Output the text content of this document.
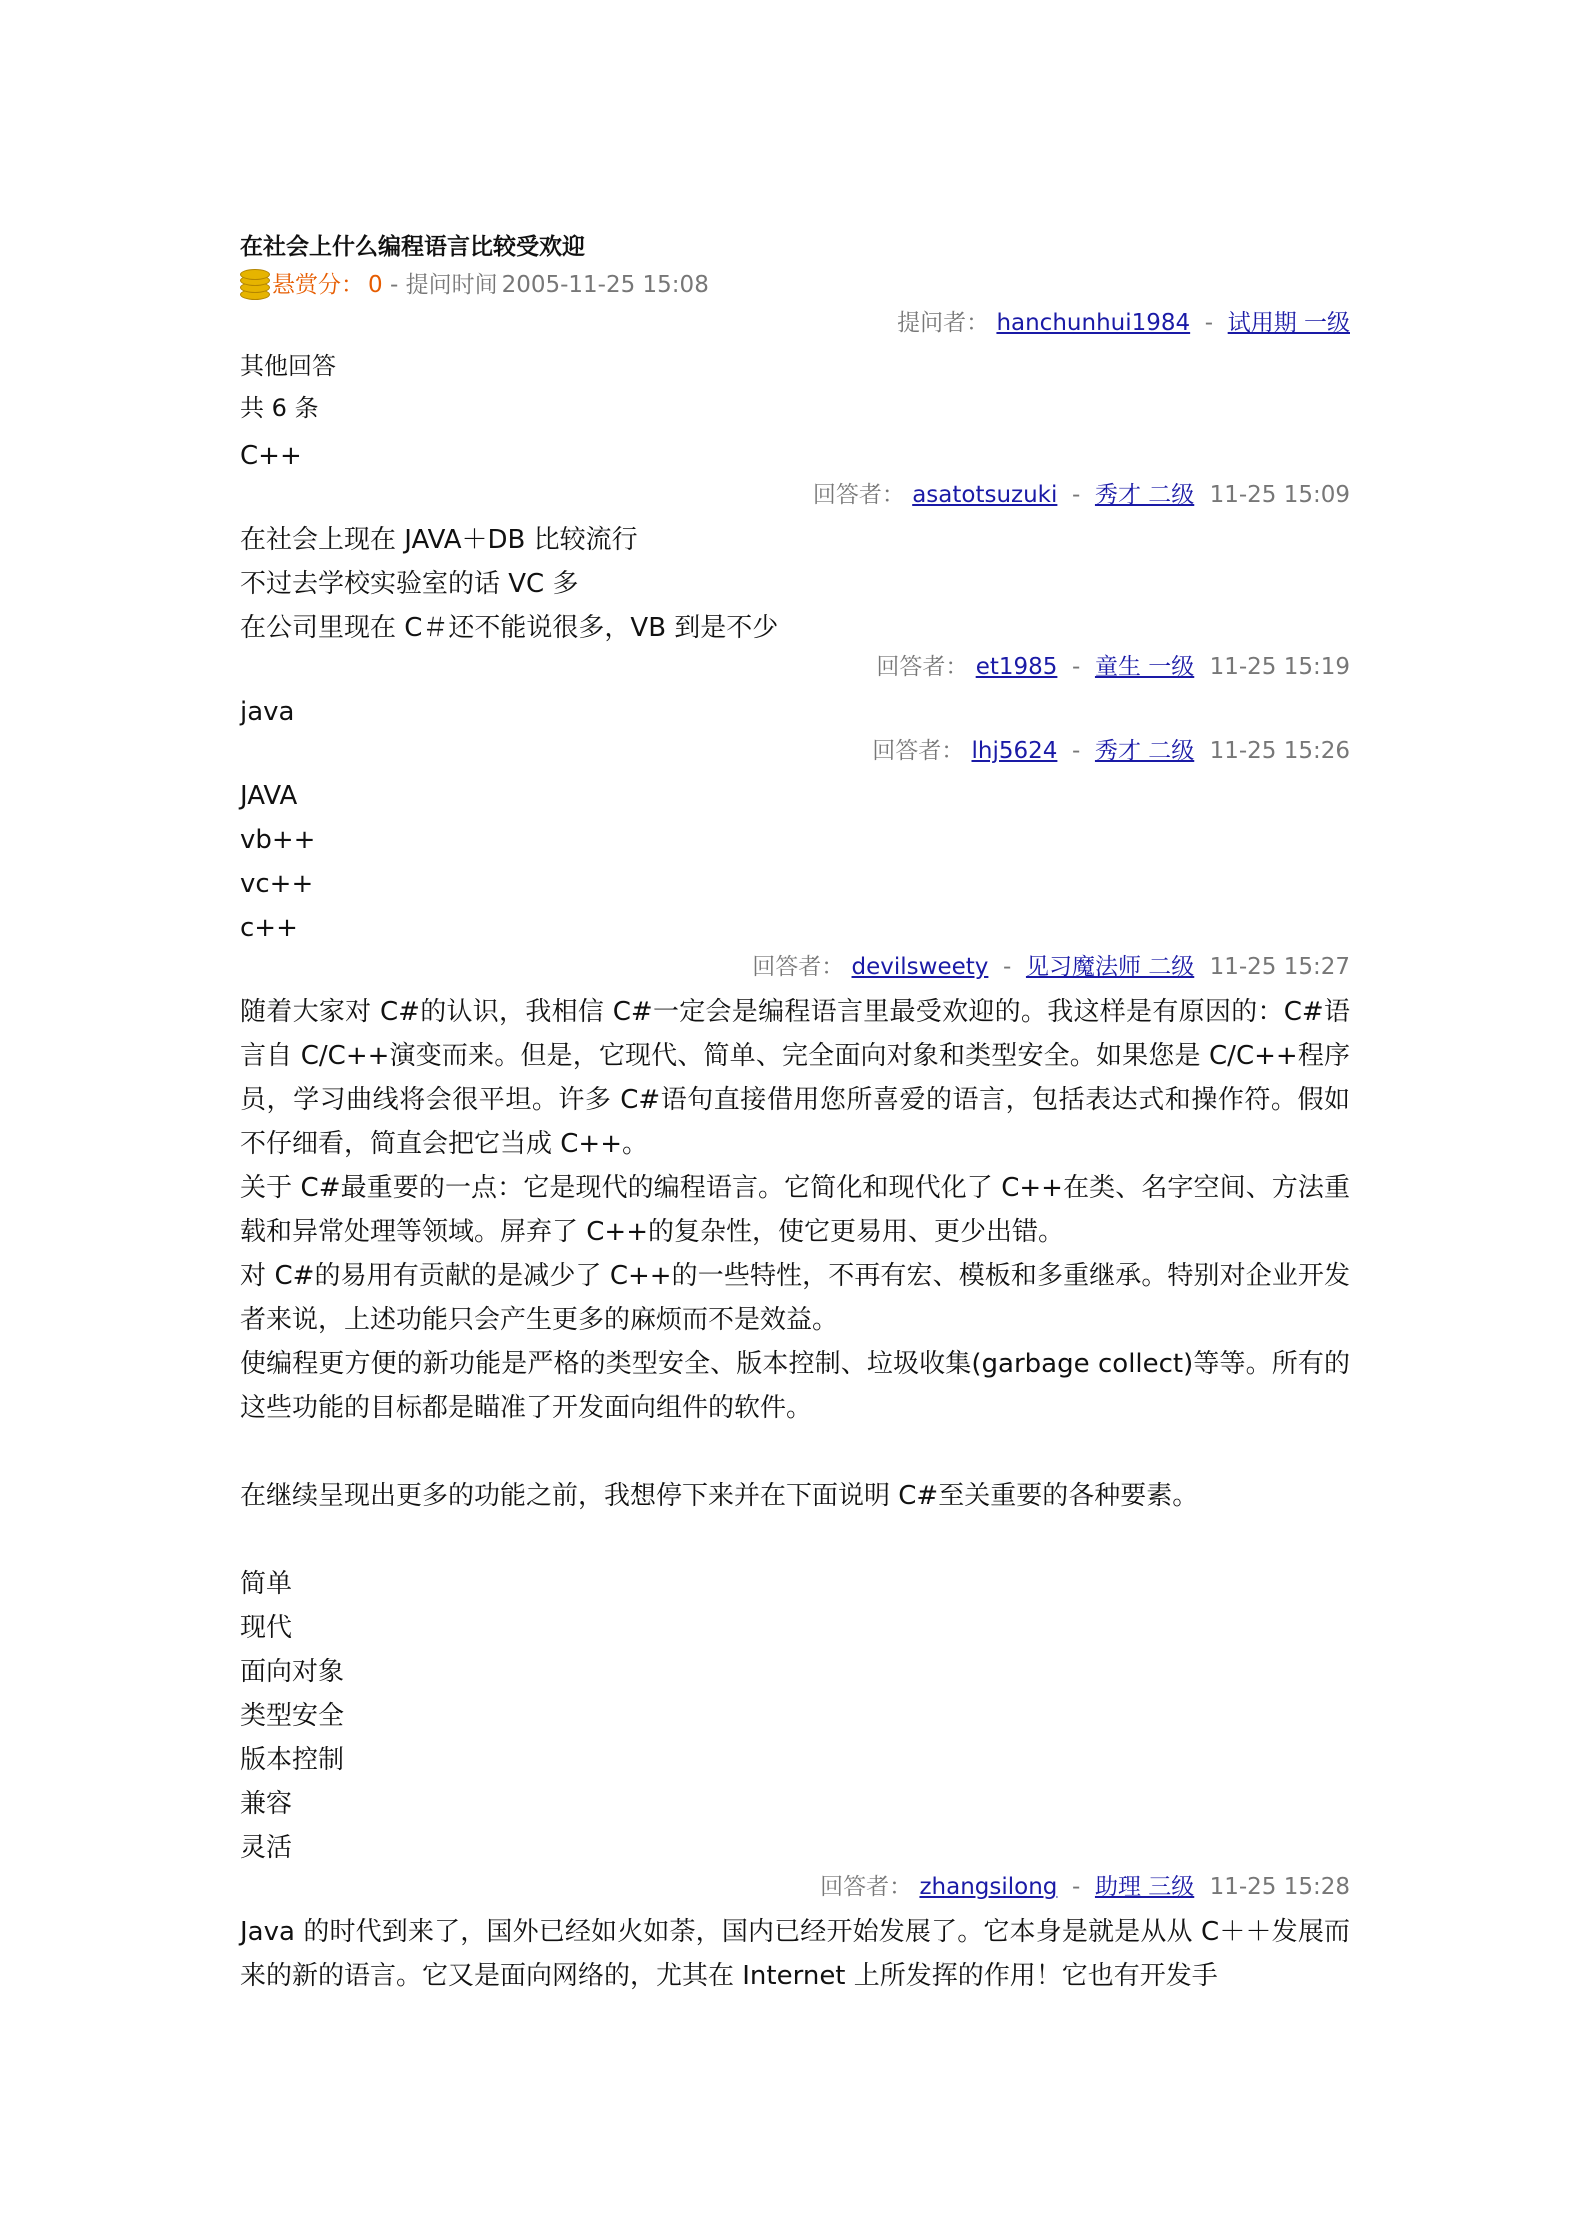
在社会上什么编程语言比较受欢迎
悬赏分： 0 - 提问时间 2005-11-25 15:08
提问者： hanchunhui1984  -  试用期 一级
其他回答
共 6 条

C++

回答者： asatotsuzuki  -  秀才 二级 11-25 15:09

在社会上现在 JAVA＋DB 比较流行

不过去学校实验室的话 VC 多

在公司里现在 C＃还不能说很多，VB 到是不少

回答者： et1985  -  童生 一级 11-25 15:19

java

回答者： lhj5624  -  秀才 二级 11-25 15:26

JAVA

vb++

vc++

c++

回答者： devilsweety  -  见习魔法师 二级 11-25 15:27

随着大家对 C#的认识，我相信 C#一定会是编程语言里最受欢迎的。我这样是有原因的：C#语言自 C/C++演变而来。但是，它现代、简单、完全面向对象和类型安全。如果您是 C/C++程序员，学习曲线将会很平坦。许多 C#语句直接借用您所喜爱的语言，包括表达式和操作符。假如不仔细看，简直会把它当成 C++。

关于 C#最重要的一点：它是现代的编程语言。它简化和现代化了 C++在类、名字空间、方法重载和异常处理等领域。屏弃了 C++的复杂性，使它更易用、更少出错。

对 C#的易用有贡献的是减少了 C++的一些特性，不再有宏、模板和多重继承。特别对企业开发者来说，上述功能只会产生更多的麻烦而不是效益。

使编程更方便的新功能是严格的类型安全、版本控制、垃圾收集(garbage collect)等等。所有的这些功能的目标都是瞄准了开发面向组件的软件。

在继续呈现出更多的功能之前，我想停下来并在下面说明 C#至关重要的各种要素。

简单

现代

面向对象

类型安全

版本控制

兼容

灵活

回答者： zhangsilong  -  助理 三级 11-25 15:28

Java 的时代到来了，国外已经如火如荼，国内已经开始发展了。它本身是就是从从 C＋＋发展而来的新的语言。它又是面向网络的，尤其在 Internet 上所发挥的作用！它也有开发手
